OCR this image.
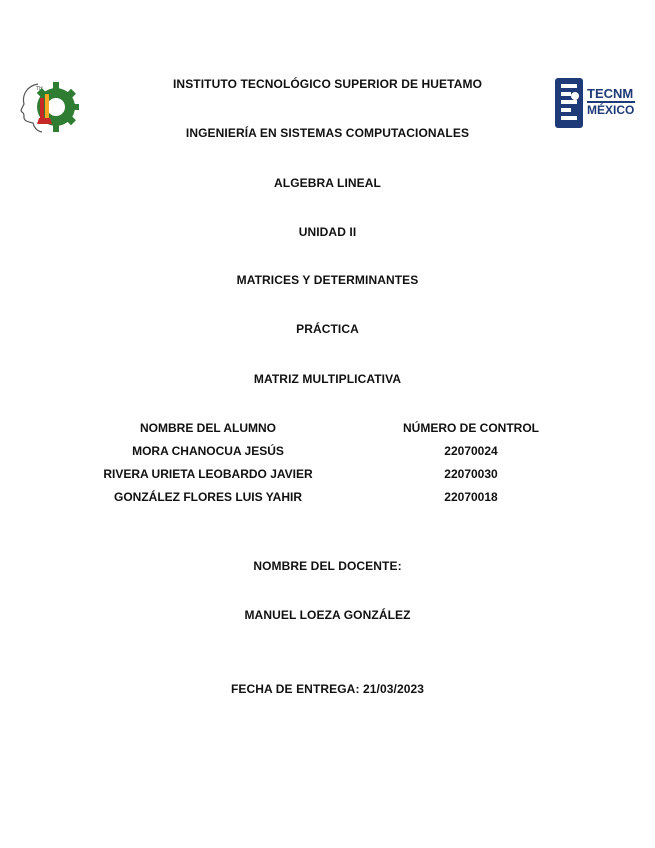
TH	TECNM
MÉXICO
INSTITUTO TECNOLÓGICO SUPERIOR DE HUETAMO
INGENIERÍA EN SISTEMAS COMPUTACIONALES
ALGEBRA LINEAL
UNIDAD II
MATRICES Y DETERMINANTES
PRÁCTICA
MATRIZ MULTIPLICATIVA
NOMBRE DEL ALUMNO	NÚMERO DE CONTROL
MORA CHANOCUA JESÚS	22070024
RIVERA URIETA LEOBARDO JAVIER	22070030
GONZÁLEZ FLORES LUIS YAHIR	22070018
NOMBRE DEL DOCENTE:
MANUEL LOEZA GONZÁLEZ
FECHA DE ENTREGA: 21/03/2023
